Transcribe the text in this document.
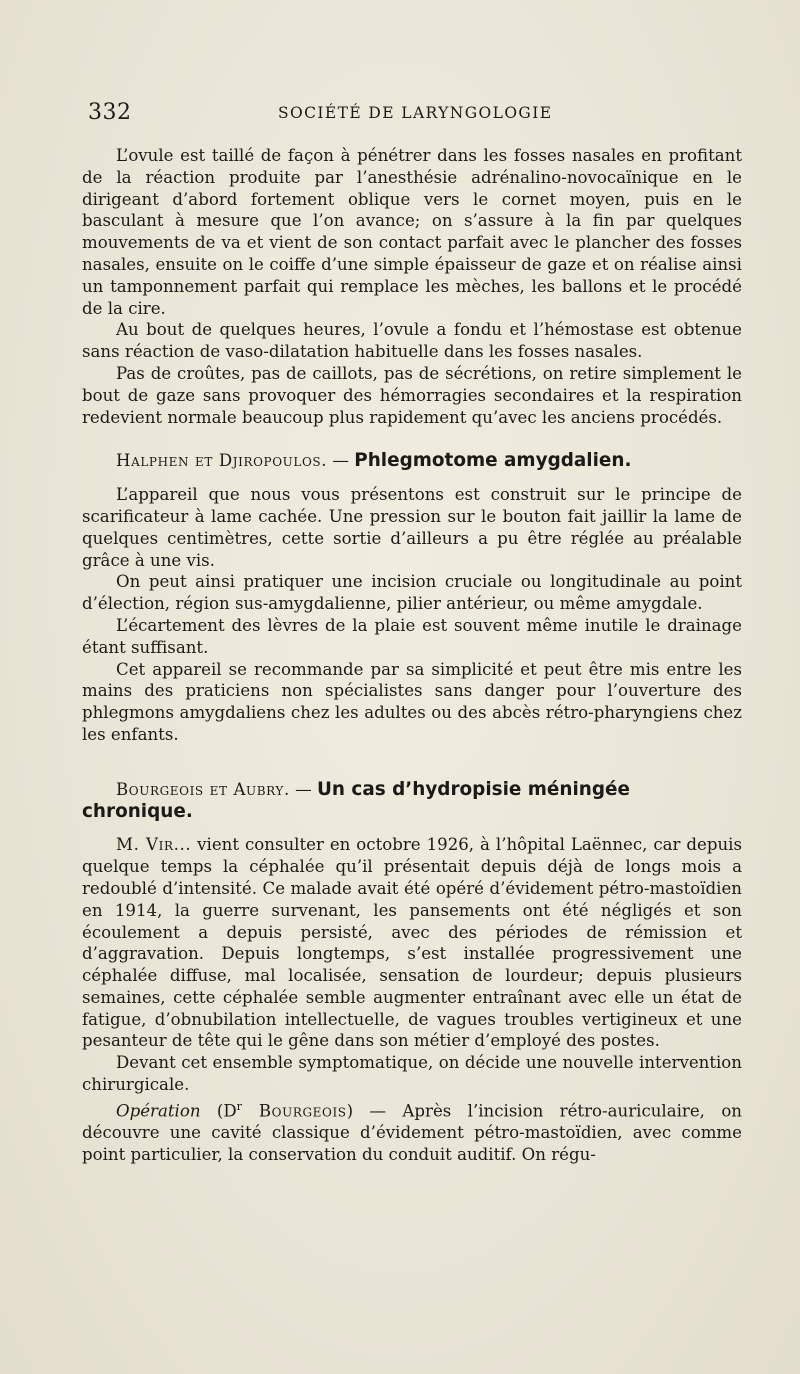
332	SOCIÉTÉ DE LARYNGOLOGIE

L’ovule est taillé de façon à pénétrer dans les fosses nasales en profitant de la réaction produite par l’anesthésie adrénalino-novocaïnique en le dirigeant d’abord fortement oblique vers le cornet moyen, puis en le basculant à mesure que l’on avance; on s’assure à la fin par quelques mouvements de va et vient de son contact parfait avec le plancher des fosses nasales, ensuite on le coiffe d’une simple épaisseur de gaze et on réalise ainsi un tamponnement parfait qui remplace les mèches, les ballons et le procédé de la cire.

Au bout de quelques heures, l’ovule a fondu et l’hémostase est obtenue sans réaction de vaso-dilatation habituelle dans les fosses nasales.

Pas de croûtes, pas de caillots, pas de sécrétions, on retire simplement le bout de gaze sans provoquer des hémorragies secondaires et la respiration redevient normale beaucoup plus rapidement qu’avec les anciens procédés.

Halphen et Djiropoulos. — Phlegmotome amygdalien.

L’appareil que nous vous présentons est construit sur le principe de scarificateur à lame cachée. Une pression sur le bouton fait jaillir la lame de quelques centimètres, cette sortie d’ailleurs a pu être réglée au préalable grâce à une vis.

On peut ainsi pratiquer une incision cruciale ou longitudinale au point d’élection, région sus-amygdalienne, pilier antérieur, ou même amygdale.

L’écartement des lèvres de la plaie est souvent même inutile le drainage étant suffisant.

Cet appareil se recommande par sa simplicité et peut être mis entre les mains des praticiens non spécialistes sans danger pour l’ouverture des phlegmons amygdaliens chez les adultes ou des abcès rétro-pharyngiens chez les enfants.

Bourgeois et Aubry. — Un cas d’hydropisie méningée chronique.

M. Vir... vient consulter en octobre 1926, à l’hôpital Laënnec, car depuis quelque temps la céphalée qu’il présentait depuis déjà de longs mois a redoublé d’intensité. Ce malade avait été opéré d’évidement pétro-mastoïdien en 1914, la guerre survenant, les pansements ont été négligés et son écoulement a depuis persisté, avec des périodes de rémission et d’aggravation. Depuis longtemps, s’est installée progressivement une céphalée diffuse, mal localisée, sensation de lourdeur; depuis plusieurs semaines, cette céphalée semble augmenter entraînant avec elle un état de fatigue, d’obnubilation intellectuelle, de vagues troubles vertigineux et une pesanteur de tête qui le gêne dans son métier d’employé des postes.

Devant cet ensemble symptomatique, on décide une nouvelle intervention chirurgicale.

Opération ($D^r$ Bourgeois) — Après l’incision rétro-auriculaire, on découvre une cavité classique d’évidement pétro-mastoïdien, avec comme point particulier, la conservation du conduit auditif. On régu-
